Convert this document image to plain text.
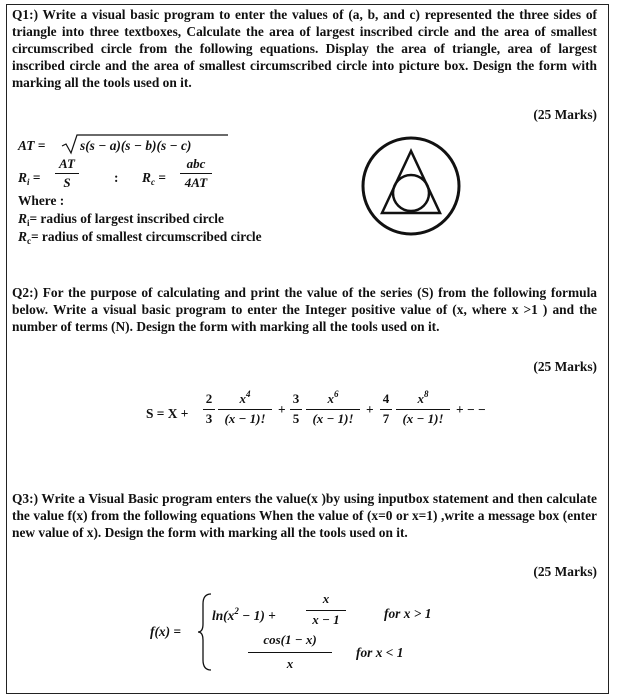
Q1:) Write a visual basic program to enter the values of (a, b, and c) represented the three sides of triangle into three textboxes, Calculate the area of largest inscribed circle and the area of smallest circumscribed circle from the following equations. Display the area of triangle, area of largest inscribed circle and the area of smallest circumscribed circle into picture box. Design the form with marking all the tools used on it.
(25 Marks)
AT =	s(s − a)(s − b)(s − c)
$R_i$ =
AT
S	: $R_c$ =
abc
4AT
Where :
$R_i=$ radius of largest inscribed circle
$R_c=$ radius of smallest circumscribed circle
Q2:) For the purpose of calculating and print the value of the series (S) from the following formula below. Write a visual basic program to enter the Integer positive value of (x, where x >1 ) and the number of terms (N). Design the form with marking all the tools used on it.
(25 Marks)
S = X +
2
3
$x^4$
(x − 1)!
+
3
5
$x^6$
(x − 1)!
+
4
7
$x^8$
(x − 1)!
+ − −
Q3:) Write a Visual Basic program enters the value(x )by using inputbox statement and then calculate the value f(x) from the following equations When the value of (x=0 or x=1) ,write a message box (enter new value of x). Design the form with marking all the tools used on it.
(25 Marks)
f(x) =
$\ln(x^2 - 1)$ +
x
x − 1	for x > 1
cos(1 − x)
x
for x < 1
